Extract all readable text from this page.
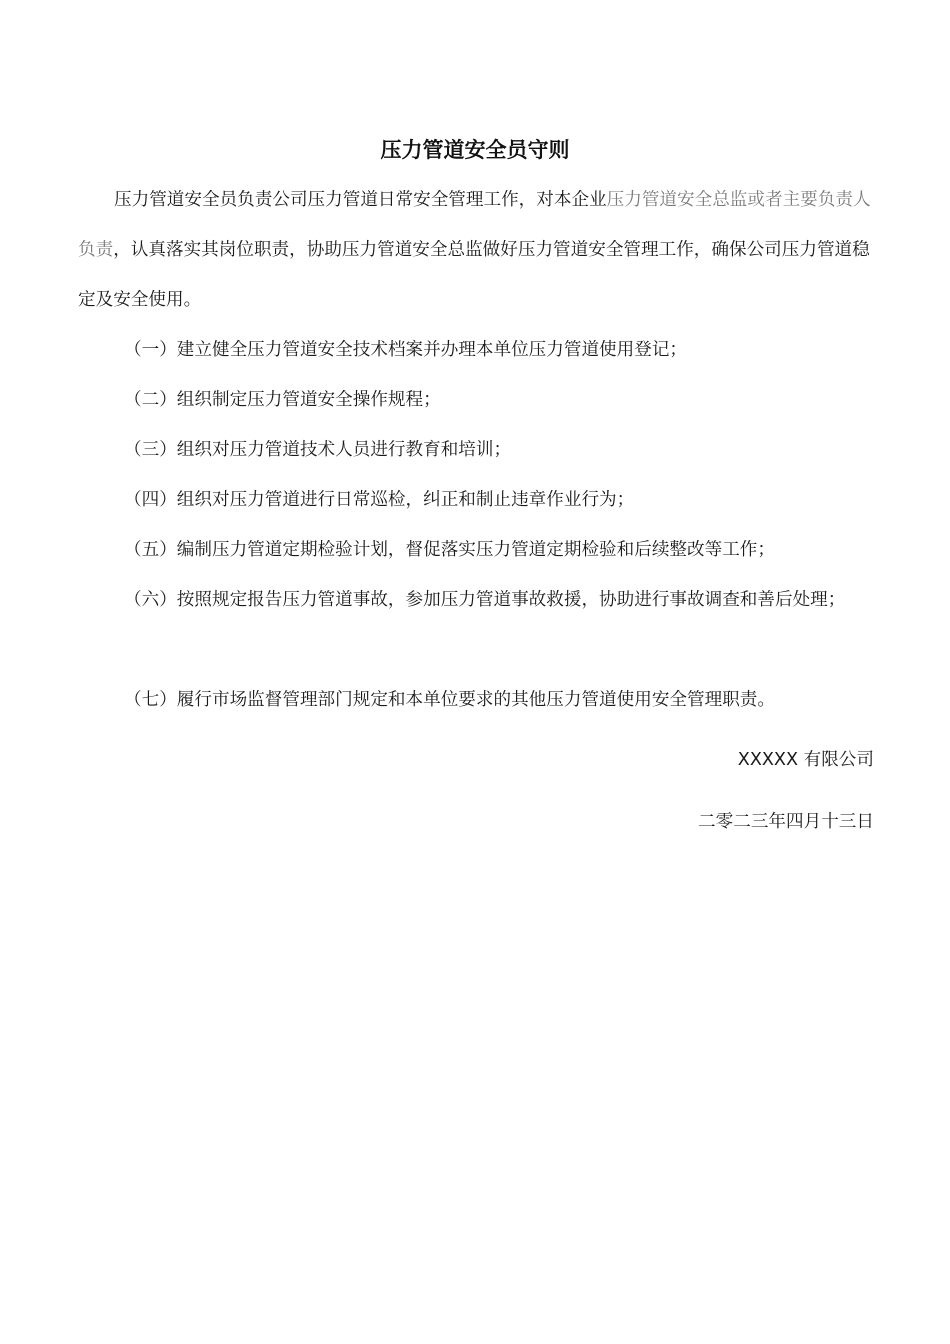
压力管道安全员守则

压力管道安全员负责公司压力管道日常安全管理工作，对本企业压力管道安全总监或者主要负责人负责，认真落实其岗位职责，协助压力管道安全总监做好压力管道安全管理工作，确保公司压力管道稳定及安全使用。

（一）建立健全压力管道安全技术档案并办理本单位压力管道使用登记；

（二）组织制定压力管道安全操作规程；

（三）组织对压力管道技术人员进行教育和培训；

（四）组织对压力管道进行日常巡检，纠正和制止违章作业行为；

（五）编制压力管道定期检验计划，督促落实压力管道定期检验和后续整改等工作；

（六）按照规定报告压力管道事故，参加压力管道事故救援，协助进行事故调查和善后处理；

（七）履行市场监督管理部门规定和本单位要求的其他压力管道使用安全管理职责。

XXXXX 有限公司

二零二三年四月十三日
